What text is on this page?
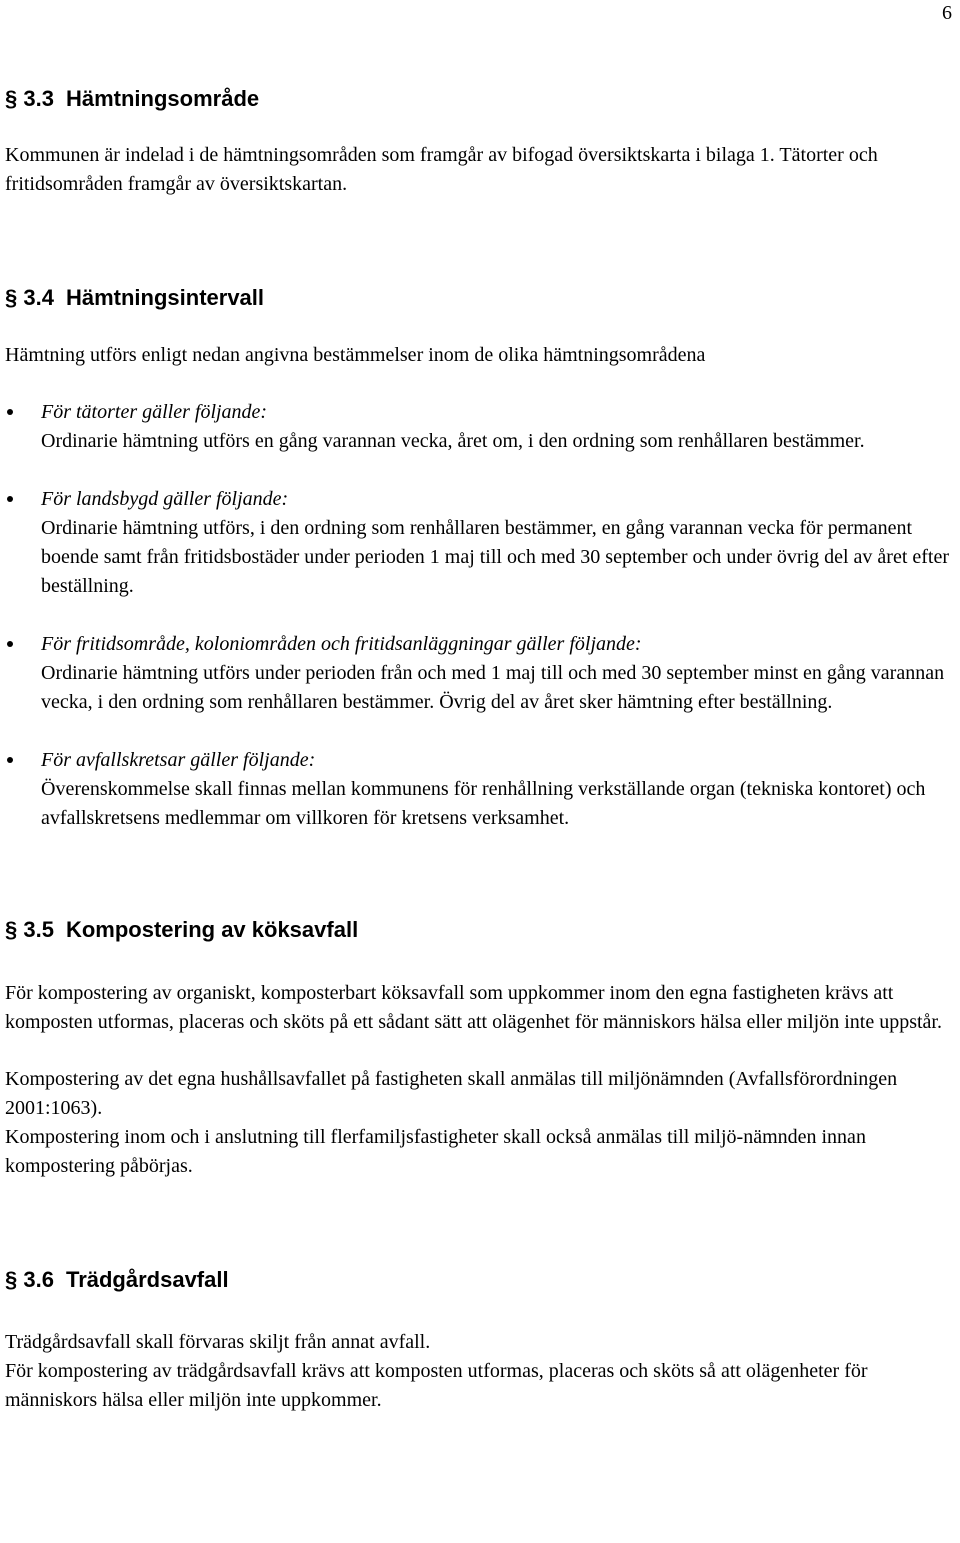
6
§ 3.3 Hämtningsområde

Kommunen är indelad i de hämtningsområden som framgår av bifogad översiktskarta i bilaga 1. Tätorter och fritidsområden framgår av översiktskartan.

§ 3.4 Hämtningsintervall

Hämtning utförs enligt nedan angivna bestämmelser inom de olika hämtningsområdena

För tätorter gäller följande:
Ordinarie hämtning utförs en gång varannan vecka, året om, i den ordning som renhållaren bestämmer.
För landsbygd gäller följande:
Ordinarie hämtning utförs, i den ordning som renhållaren bestämmer, en gång varannan vecka för permanent boende samt från fritidsbostäder under perioden 1 maj till och med 30 september och under övrig del av året efter beställning.
För fritidsområde, koloniområden och fritidsanläggningar gäller följande:
Ordinarie hämtning utförs under perioden från och med 1 maj till och med 30 september minst en gång varannan vecka, i den ordning som renhållaren bestämmer. Övrig del av året sker hämtning efter beställning.
För avfallskretsar gäller följande:
Överenskommelse skall finnas mellan kommunens för renhållning verkställande organ (tekniska kontoret) och avfallskretsens medlemmar om villkoren för kretsens verksamhet.
§ 3.5 Kompostering av köksavfall

För kompostering av organiskt, komposterbart köksavfall som uppkommer inom den egna fastigheten krävs att komposten utformas, placeras och sköts på ett sådant sätt att olägenhet för människors hälsa eller miljön inte uppstår.

Kompostering av det egna hushållsavfallet på fastigheten skall anmälas till miljönämnden (Avfallsförordningen 2001:1063).

Kompostering inom och i anslutning till flerfamiljsfastigheter skall också anmälas till miljö-nämnden innan kompostering påbörjas.

§ 3.6 Trädgårdsavfall

Trädgårdsavfall skall förvaras skiljt från annat avfall.

För kompostering av trädgårdsavfall krävs att komposten utformas, placeras och sköts så att olägenheter för människors hälsa eller miljön inte uppkommer.
